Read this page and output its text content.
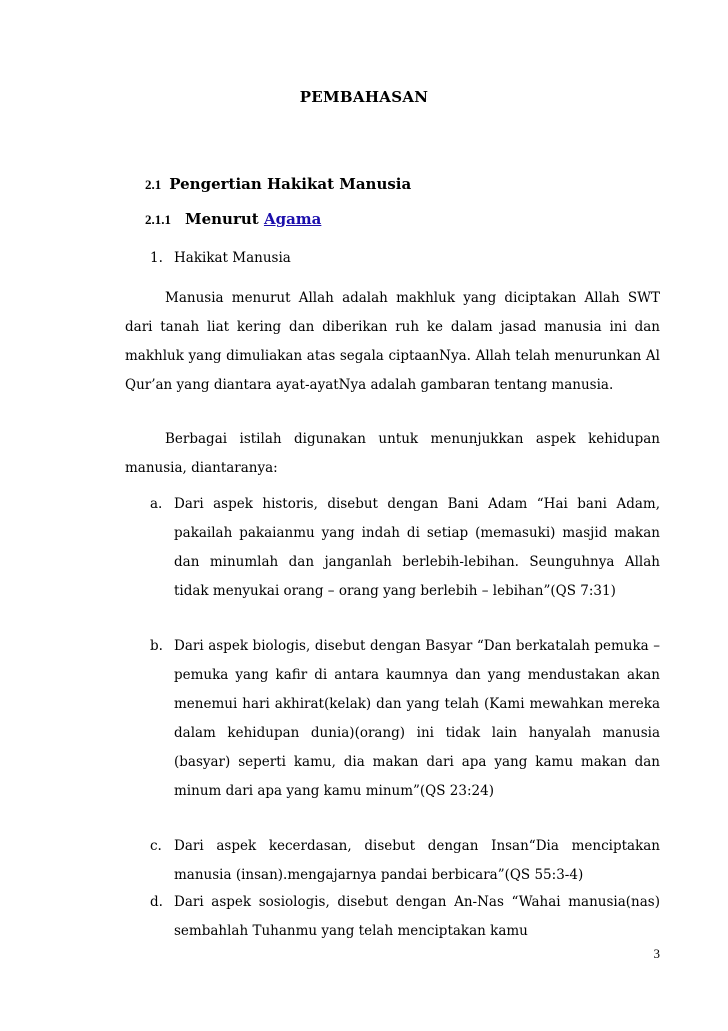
PEMBAHASAN
2.1 Pengertian Hakikat Manusia
2.1.1 Menurut Agama
1. Hakikat Manusia
Manusia menurut Allah adalah makhluk yang diciptakan Allah SWT dari tanah liat kering dan diberikan ruh ke dalam jasad manusia ini dan makhluk yang dimuliakan atas segala ciptaanNya. Allah telah menurunkan Al Qur’an yang diantara ayat-ayatNya adalah gambaran tentang manusia.
Berbagai istilah digunakan untuk menunjukkan aspek kehidupan manusia, diantaranya:
a. Dari aspek historis, disebut dengan Bani Adam “Hai bani Adam, pakailah pakaianmu yang indah di setiap (memasuki) masjid makan dan minumlah dan janganlah berlebih-lebihan. Seunguhnya Allah tidak menyukai orang – orang yang berlebih – lebihan”(QS 7:31)
b. Dari aspek biologis, disebut dengan Basyar “Dan berkatalah pemuka – pemuka yang kafir di antara kaumnya dan yang mendustakan akan menemui hari akhirat(kelak) dan yang telah (Kami mewahkan mereka dalam kehidupan dunia)(orang) ini tidak lain hanyalah manusia (basyar) seperti kamu, dia makan dari apa yang kamu makan dan minum dari apa yang kamu minum”(QS 23:24)
c. Dari aspek kecerdasan, disebut dengan Insan“Dia menciptakan manusia (insan).mengajarnya pandai berbicara”(QS 55:3-4)
d. Dari aspek sosiologis, disebut dengan An-Nas “Wahai manusia(nas) sembahlah Tuhanmu yang telah menciptakan kamu
3
